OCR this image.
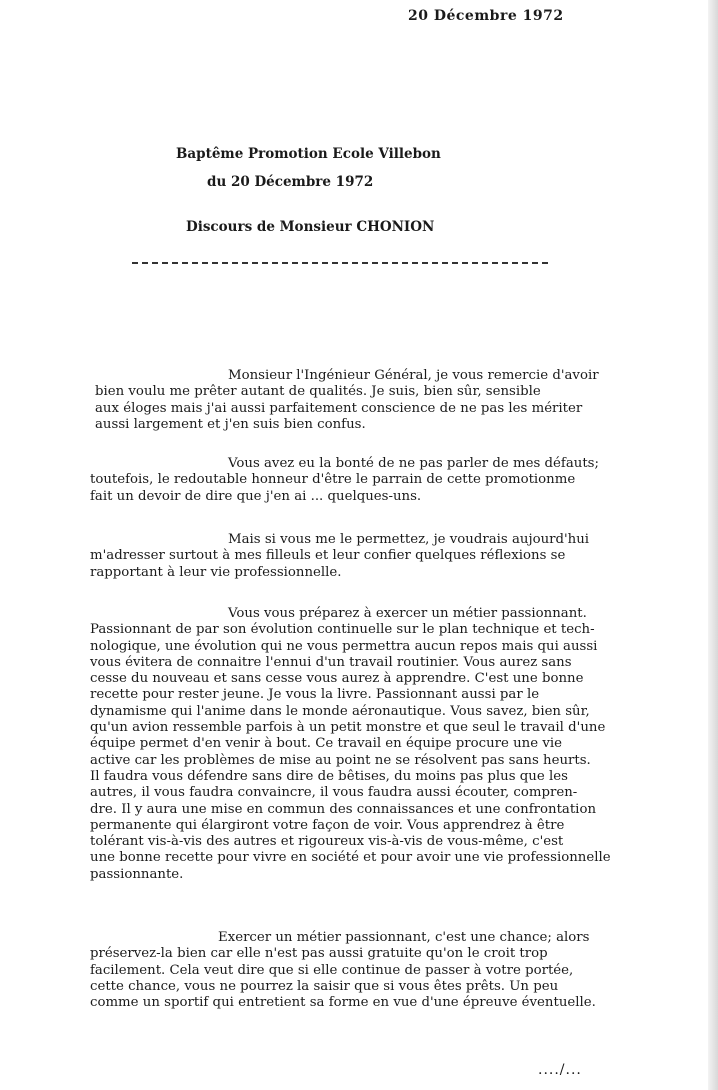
20 Décembre 1972
Baptême Promotion Ecole Villebon
du 20 Décembre 1972
Discours de Monsieur CHONION
Monsieur l'Ingénieur Général, je vous remercie d'avoir
bien voulu me prêter autant de qualités. Je suis, bien sûr, sensible
aux éloges mais j'ai aussi parfaitement conscience de ne pas les mériter
aussi largement et j'en suis bien confus.
Vous avez eu la bonté de ne pas parler de mes défauts;
toutefois, le redoutable honneur d'être le parrain de cette promotionme
fait un devoir de dire que j'en ai ... quelques-uns.
Mais si vous me le permettez, je voudrais aujourd'hui
m'adresser surtout à mes filleuls et leur confier quelques réflexions se
rapportant à leur vie professionnelle.
Vous vous préparez à exercer un métier passionnant.
Passionnant de par son évolution continuelle sur le plan technique et tech-
nologique, une évolution qui ne vous permettra aucun repos mais qui aussi
vous évitera de connaitre l'ennui d'un travail routinier. Vous aurez sans
cesse du nouveau et sans cesse vous aurez à apprendre. C'est une bonne
recette pour rester jeune. Je vous la livre. Passionnant aussi par le
dynamisme qui l'anime dans le monde aéronautique. Vous savez, bien sûr,
qu'un avion ressemble parfois à un petit monstre et que seul le travail d'une
équipe permet d'en venir à bout. Ce travail en équipe procure une vie
active car les problèmes de mise au point ne se résolvent pas sans heurts.
Il faudra vous défendre sans dire de bêtises, du moins pas plus que les
autres, il vous faudra convaincre, il vous faudra aussi écouter, compren-
dre. Il y aura une mise en commun des connaissances et une confrontation
permanente qui élargiront votre façon de voir. Vous apprendrez à être
tolérant vis-à-vis des autres et rigoureux vis-à-vis de vous-même, c'est
une bonne recette pour vivre en société et pour avoir une vie professionnelle
passionnante.
Exercer un métier passionnant, c'est une chance; alors
préservez-la bien car elle n'est pas aussi gratuite qu'on le croit trop
facilement. Cela veut dire que si elle continue de passer à votre portée,
cette chance, vous ne pourrez la saisir que si vous êtes prêts. Un peu
comme un sportif qui entretient sa forme en vue d'une épreuve éventuelle.
..../...
